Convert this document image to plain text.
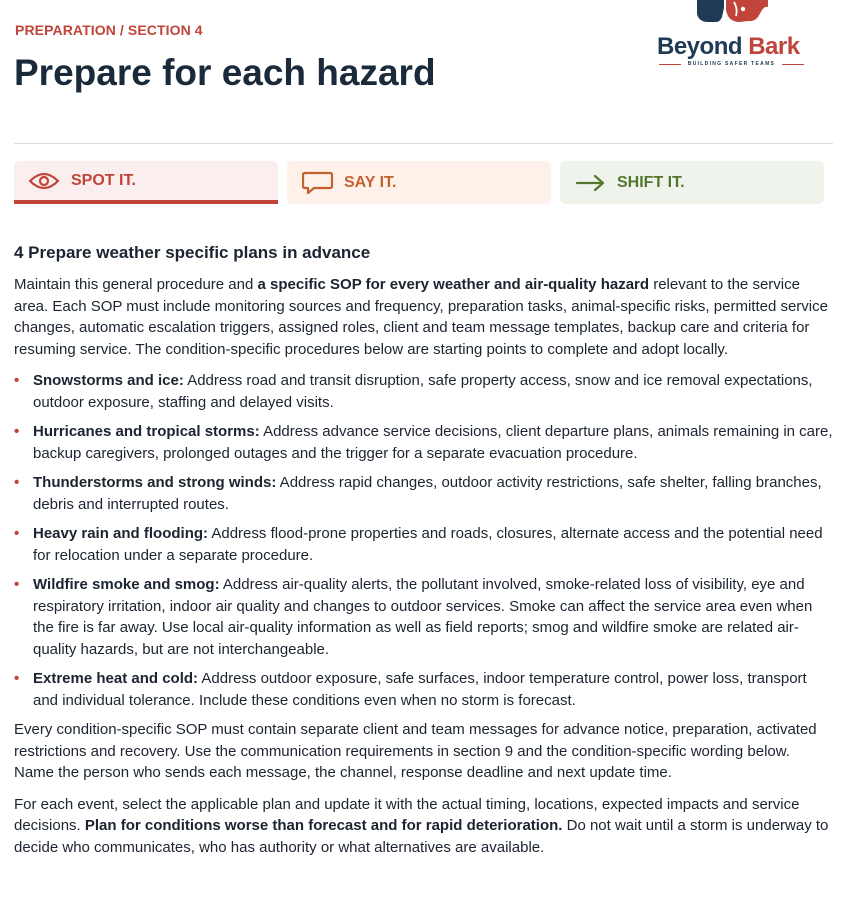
PREPARATION / SECTION 4
Prepare for each hazard
Beyond Bark
BUILDING SAFER TEAMS
SPOT IT.	SAY IT.	SHIFT IT.
4 Prepare weather specific plans in advance

Maintain this general procedure and a specific SOP for every weather and air-quality hazard relevant to the service area. Each SOP must include monitoring sources and frequency, preparation tasks, animal-specific risks, permitted service changes, automatic escalation triggers, assigned roles, client and team message templates, backup care and criteria for resuming service. The condition-specific procedures below are starting points to complete and adopt locally.

• Snowstorms and ice: Address road and transit disruption, safe property access, snow and ice removal expectations, outdoor exposure, staffing and delayed visits.
• Hurricanes and tropical storms: Address advance service decisions, client departure plans, animals remaining in care, backup caregivers, prolonged outages and the trigger for a separate evacuation procedure.
• Thunderstorms and strong winds: Address rapid changes, outdoor activity restrictions, safe shelter, falling branches, debris and interrupted routes.
• Heavy rain and flooding: Address flood-prone properties and roads, closures, alternate access and the potential need for relocation under a separate procedure.
• Wildfire smoke and smog: Address air-quality alerts, the pollutant involved, smoke-related loss of visibility, eye and respiratory irritation, indoor air quality and changes to outdoor services. Smoke can affect the service area even when the fire is far away. Use local air-quality information as well as field reports; smog and wildfire smoke are related air-quality hazards, but are not interchangeable.
• Extreme heat and cold: Address outdoor exposure, safe surfaces, indoor temperature control, power loss, transport and individual tolerance. Include these conditions even when no storm is forecast.

Every condition-specific SOP must contain separate client and team messages for advance notice, preparation, activated restrictions and recovery. Use the communication requirements in section 9 and the condition-specific wording below. Name the person who sends each message, the channel, response deadline and next update time.

For each event, select the applicable plan and update it with the actual timing, locations, expected impacts and service decisions. Plan for conditions worse than forecast and for rapid deterioration. Do not wait until a storm is underway to decide who communicates, who has authority or what alternatives are available.
